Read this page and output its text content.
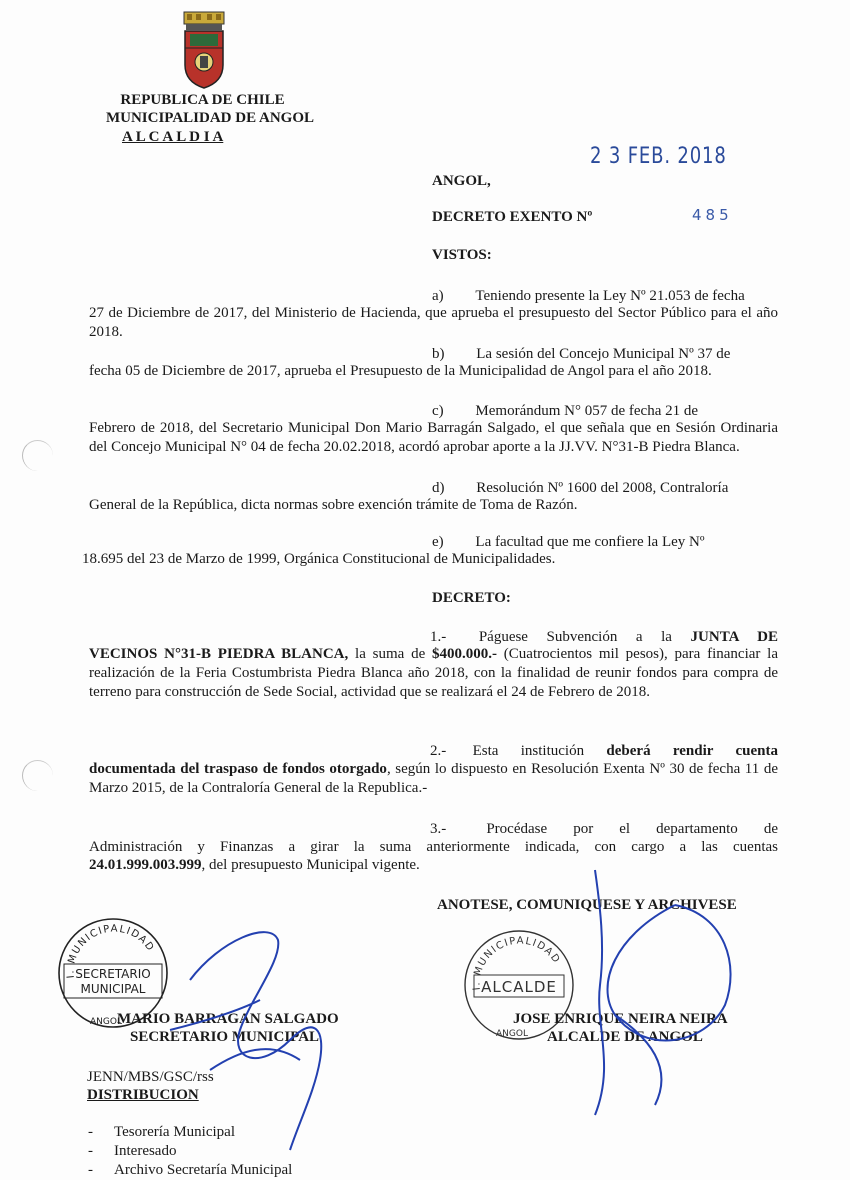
REPUBLICA DE CHILE
MUNICIPALIDAD DE ANGOL
A L C A L D I A
2 3 FEB. 2018
ANGOL,
DECRETO EXENTO Nº	485
VISTOS:
a) Teniendo presente la Ley Nº 21.053 de fecha
27 de Diciembre de 2017, del Ministerio de Hacienda, que aprueba el presupuesto del Sector Público para el año 2018.
b) La sesión del Concejo Municipal Nº 37 de
fecha 05 de Diciembre de 2017, aprueba el Presupuesto de la Municipalidad de Angol para el año 2018.
c) Memorándum N° 057 de fecha 21 de
Febrero de 2018, del Secretario Municipal Don Mario Barragán Salgado, el que señala que en Sesión Ordinaria del Concejo Municipal N° 04 de fecha 20.02.2018, acordó aprobar aporte a la JJ.VV. N°31-B Piedra Blanca.
d) Resolución Nº 1600 del 2008, Contraloría
General de la República, dicta normas sobre exención trámite de Toma de Razón.
e) La facultad que me confiere la Ley Nº
18.695 del 23 de Marzo de 1999, Orgánica Constitucional de Municipalidades.
DECRETO:
1.- Páguese Subvención a la JUNTA DE
VECINOS N°31-B PIEDRA BLANCA, la suma de $400.000.- (Cuatrocientos mil pesos), para financiar la realización de la Feria Costumbrista Piedra Blanca año 2018, con la finalidad de reunir fondos para compra de terreno para construcción de Sede Social, actividad que se realizará el 24 de Febrero de 2018.
2.- Esta institución deberá rendir cuenta
documentada del traspaso de fondos otorgado, según lo dispuesto en Resolución Exenta Nº 30 de fecha 11 de Marzo 2015, de la Contraloría General de la Republica.-
3.-	Procédase por el departamento de
Administración y Finanzas a girar la suma anteriormente indicada, con cargo a las cuentas
24.01.999.003.999, del presupuesto Municipal vigente.
ANOTESE, COMUNIQUESE Y ARCHIVESE
I. MUNICIPALIDAD
SECRETARIO
MUNICIPAL
ANGOL
I. MUNICIPALIDAD
ALCALDE
ANGOL
MARIO BARRAGAN SALGADO
SECRETARIO MUNICIPAL
JOSE ENRIQUE NEIRA NEIRA
ALCALDE DE ANGOL
JENN/MBS/GSC/rss
DISTRIBUCION
- Tesorería Municipal
- Interesado
- Archivo Secretaría Municipal
